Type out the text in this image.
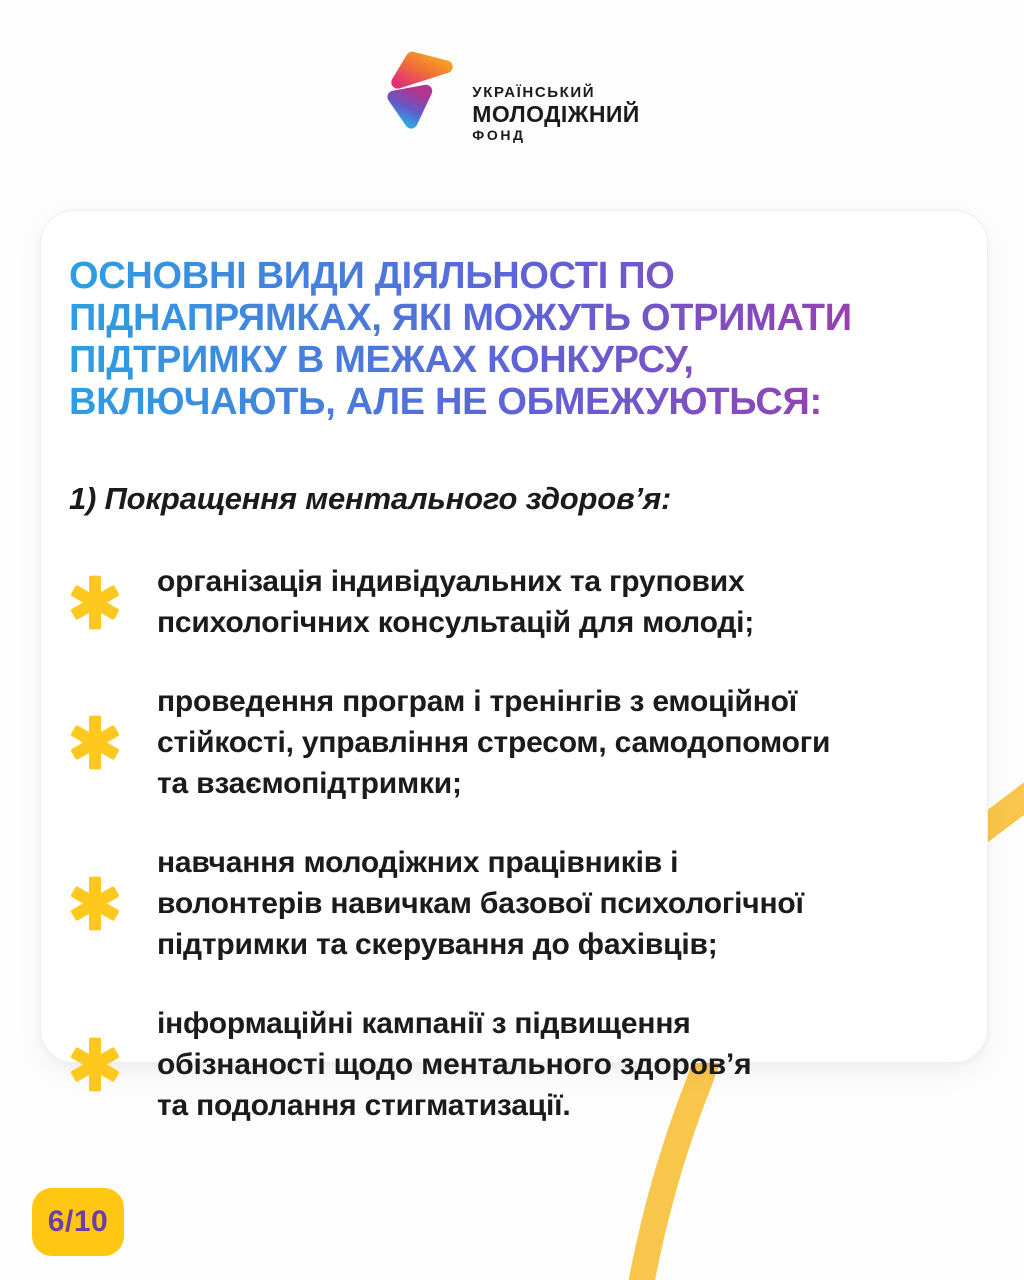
УКРАЇНСЬКИЙ
МОЛОДІЖНИЙ
ФОНД
ОСНОВНІ ВИДИ ДІЯЛЬНОСТІ ПО
ПІДНАПРЯМКАХ, ЯКІ МОЖУТЬ ОТРИМАТИ
ПІДТРИМКУ В МЕЖАХ КОНКУРСУ,
ВКЛЮЧАЮТЬ, АЛЕ НЕ ОБМЕЖУЮТЬСЯ:

1) Покращення ментального здоров’я:

організація індивідуальних та групових
психологічних консультацій для молоді;

проведення програм і тренінгів з емоційної
стійкості, управління стресом, самодопомоги
та взаємопідтримки;

навчання молодіжних працівників і
волонтерів навичкам базової психологічної
підтримки та скерування до фахівців;

інформаційні кампанії з підвищення
обізнаності щодо ментального здоров’я
та подолання стигматизації.

6/10
